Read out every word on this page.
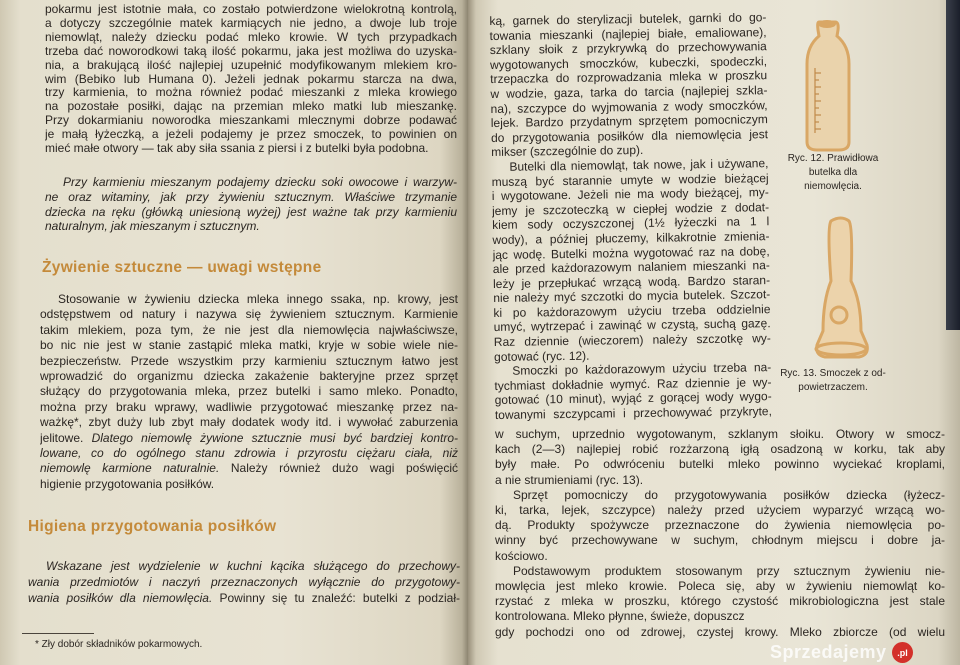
pokarmu jest istotnie mała, co zostało potwierdzone wielokrotną kontrolą,
a dotyczy szczególnie matek karmiących nie jedno, a dwoje lub troje
niemowląt, należy dziecku podać mleko krowie. W tych przypadkach
trzeba dać noworodkowi taką ilość pokarmu, jaka jest możliwa do uzyska-
nia, a brakującą ilość najlepiej uzupełnić modyfikowanym mlekiem kro-
wim (Bebiko lub Humana 0). Jeżeli jednak pokarmu starcza na dwa,
trzy karmienia, to można również podać mieszanki z mleka krowiego
na pozostałe posiłki, dając na przemian mleko matki lub mieszankę.
Przy dokarmianiu noworodka mieszankami mlecznymi dobrze podawać
je małą łyżeczką, a jeżeli podajemy je przez smoczek, to powinien on
mieć małe otwory — tak aby siła ssania z piersi i z butelki była podobna.
Przy karmieniu mieszanym podajemy dziecku soki owocowe i warzyw-
ne oraz witaminy, jak przy żywieniu sztucznym. Właściwe trzymanie
dziecka na ręku (główką uniesioną wyżej) jest ważne tak przy karmieniu
naturalnym, jak mieszanym i sztucznym.
Żywienie sztuczne — uwagi wstępne
Stosowanie w żywieniu dziecka mleka innego ssaka, np. krowy, jest
odstępstwem od natury i nazywa się żywieniem sztucznym. Karmienie
takim mlekiem, poza tym, że nie jest dla niemowlęcia najwłaściwsze,
bo nic nie jest w stanie zastąpić mleka matki, kryje w sobie wiele nie-
bezpieczeństw. Przede wszystkim przy karmieniu sztucznym łatwo jest
wprowadzić do organizmu dziecka zakażenie bakteryjne przez sprzęt
służący do przygotowania mleka, przez butelki i samo mleko. Ponadto,
można przy braku wprawy, wadliwie przygotować mieszankę przez na-
ważkę*, zbyt duży lub zbyt mały dodatek wody itd. i wywołać zaburzenia
jelitowe. Dlatego niemowlę żywione sztucznie musi być bardziej kontro-
lowane, co do ogólnego stanu zdrowia i przyrostu ciężaru ciała, niż
niemowlę karmione naturalnie. Należy również dużo wagi poświęcić
higienie przygotowania posiłków.
Higiena przygotowania posiłków
Wskazane jest wydzielenie w kuchni kącika służącego do przechowy-
wania przedmiotów i naczyń przeznaczonych wyłącznie do przygotowy-
wania posiłków dla niemowlęcia. Powinny się tu znaleźć: butelki z podział-
* Zły dobór składników pokarmowych.
ką, garnek do sterylizacji butelek, garnki do go-
towania mieszanki (najlepiej białe, emaliowane),
szklany słoik z przykrywką do przechowywania
wygotowanych smoczków, kubeczki, spodeczki,
trzepaczka do rozprowadzania mleka w proszku
w wodzie, gaza, tarka do tarcia (najlepiej szkla-
na), szczypce do wyjmowania z wody smoczków,
lejek. Bardzo przydatnym sprzętem pomocniczym
do przygotowania posiłków dla niemowlęcia jest
mikser (szczególnie do zup).
Butelki dla niemowląt, tak nowe, jak i używane,
muszą być starannie umyte w wodzie bieżącej
i wygotowane. Jeżeli nie ma wody bieżącej, my-
jemy je szczoteczką w ciepłej wodzie z dodat-
kiem sody oczyszczonej (1½ łyżeczki na 1 l
wody), a później płuczemy, kilkakrotnie zmienia-
jąc wodę. Butelki można wygotować raz na dobę,
ale przed każdorazowym nalaniem mieszanki na-
leży je przepłukać wrzącą wodą. Bardzo staran-
nie należy myć szczotki do mycia butelek. Szczot-
ki po każdorazowym użyciu trzeba oddzielnie
umyć, wytrzepać i zawinąć w czystą, suchą gazę.
Raz dziennie (wieczorem) należy szczotkę wy-
gotować (ryc. 12).
Smoczki po każdorazowym użyciu trzeba na-
tychmiast dokładnie wymyć. Raz dziennie je wy-
gotować (10 minut), wyjąć z gorącej wody wygo-
towanymi szczypcami i przechowywać przykryte,
w suchym, uprzednio wygotowanym, szklanym słoiku. Otwory w smocz-
kach (2—3) najlepiej robić rozżarzoną igłą osadzoną w korku, tak aby
były małe. Po odwróceniu butelki mleko powinno wyciekać kroplami,
a nie strumieniami (ryc. 13).
Sprzęt pomocniczy do przygotowywania posiłków dziecka (łyżecz-
ki, tarka, lejek, szczypce) należy przed użyciem wyparzyć wrzącą wo-
dą. Produkty spożywcze przeznaczone do żywienia niemowlęcia po-
winny być przechowywane w suchym, chłodnym miejscu i dobre ja-
kościowo.
Podstawowym produktem stosowanym przy sztucznym żywieniu nie-
mowlęcia jest mleko krowie. Poleca się, aby w żywieniu niemowląt ko-
rzystać z mleka w proszku, którego czystość mikrobiologiczna jest stale
kontrolowana. Mleko płynne, świeże, dopuszcz
gdy pochodzi ono od zdrowej, czystej krowy. Mleko zbiorcze (od wielu
Ryc. 12. Prawidłowa
butelka dla
niemowlęcia.
Ryc. 13. Smoczek z od-
powietrzaczem.
Sprzedajemy	.pl
